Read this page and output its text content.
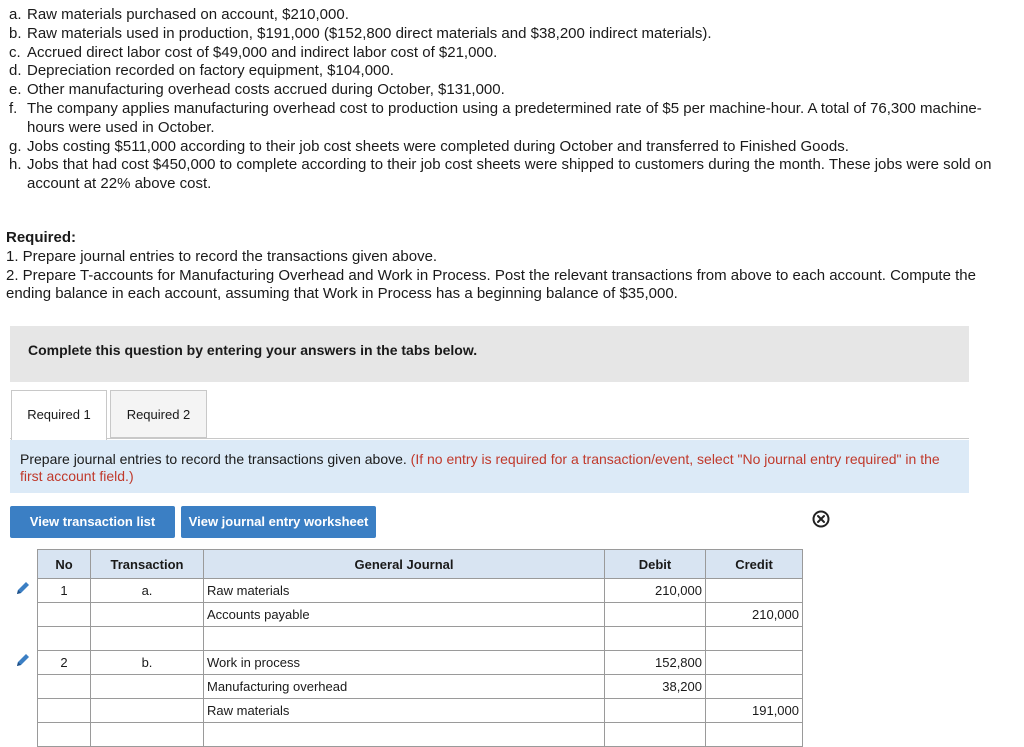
a. Raw materials purchased on account, $210,000.
b. Raw materials used in production, $191,000 ($152,800 direct materials and $38,200 indirect materials).
c. Accrued direct labor cost of $49,000 and indirect labor cost of $21,000.
d. Depreciation recorded on factory equipment, $104,000.
e. Other manufacturing overhead costs accrued during October, $131,000.
f. The company applies manufacturing overhead cost to production using a predetermined rate of $5 per machine-hour. A total of 76,300 machine-hours were used in October.
g. Jobs costing $511,000 according to their job cost sheets were completed during October and transferred to Finished Goods.
h. Jobs that had cost $450,000 to complete according to their job cost sheets were shipped to customers during the month. These jobs were sold on account at 22% above cost.
Required:
1. Prepare journal entries to record the transactions given above.
2. Prepare T-accounts for Manufacturing Overhead and Work in Process. Post the relevant transactions from above to each account. Compute the ending balance in each account, assuming that Work in Process has a beginning balance of $35,000.
Complete this question by entering your answers in the tabs below.
Required 1	Required 2
Prepare journal entries to record the transactions given above. (If no entry is required for a transaction/event, select "No journal entry required" in the first account field.)
View transaction list	View journal entry worksheet
No	Transaction	General Journal	Debit	Credit
1	a.	Raw materials	210,000	
		Accounts payable		210,000

2	b.	Work in process	152,800	
		Manufacturing overhead	38,200	
		Raw materials		191,000
